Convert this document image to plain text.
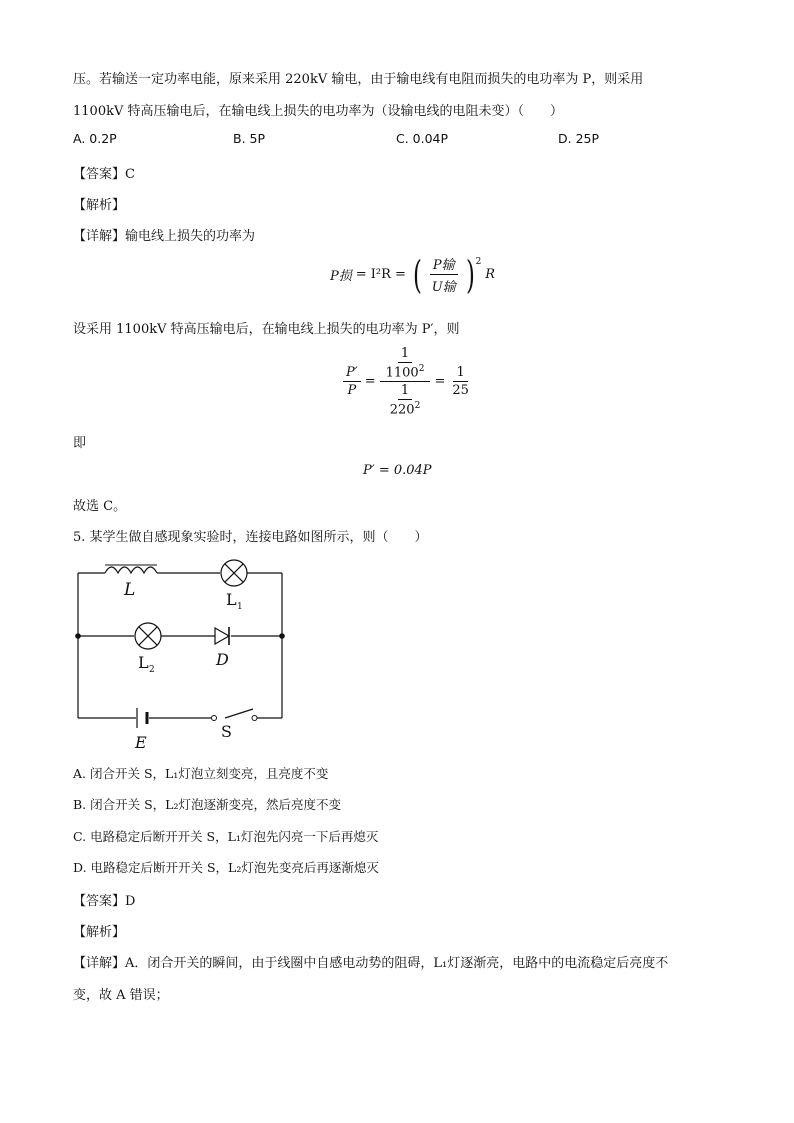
压。若输送一定功率电能，原来采用 220kV 输电，由于输电线有电阻而损失的电功率为 P，则采用
1100kV 特高压输电后，在输电线上损失的电功率为（设输电线的电阻未变）（　　）
A. 0.2P	B. 5P	C. 0.04P	D. 25P
【答案】C
【解析】
【详解】输电线上损失的功率为
P损 = I²R = ( $\frac{\text{P输}}{\text{U输}} )^2$
R
设采用 1100kV 特高压输电后，在输电线上损失的电功率为 P′，则
$\frac{P'}{P} = \frac{\frac{1}{1100^2}}{\frac{1}{220^2}} = \frac{1}{25}$
即
P′ = 0.04P
故选 C。
5. 某学生做自感现象实验时，连接电路如图所示，则（　　）
L	L 1
L 2
D
E
S
A. 闭合开关 S，L₁灯泡立刻变亮，且亮度不变
B. 闭合开关 S，L₂灯泡逐渐变亮，然后亮度不变
C. 电路稳定后断开开关 S，L₁灯泡先闪亮一下后再熄灭
D. 电路稳定后断开开关 S，L₂灯泡先变亮后再逐渐熄灭
【答案】D
【解析】
【详解】A．闭合开关的瞬间，由于线圈中自感电动势的阻碍，L₁灯逐渐亮，电路中的电流稳定后亮度不
变，故 A 错误；
